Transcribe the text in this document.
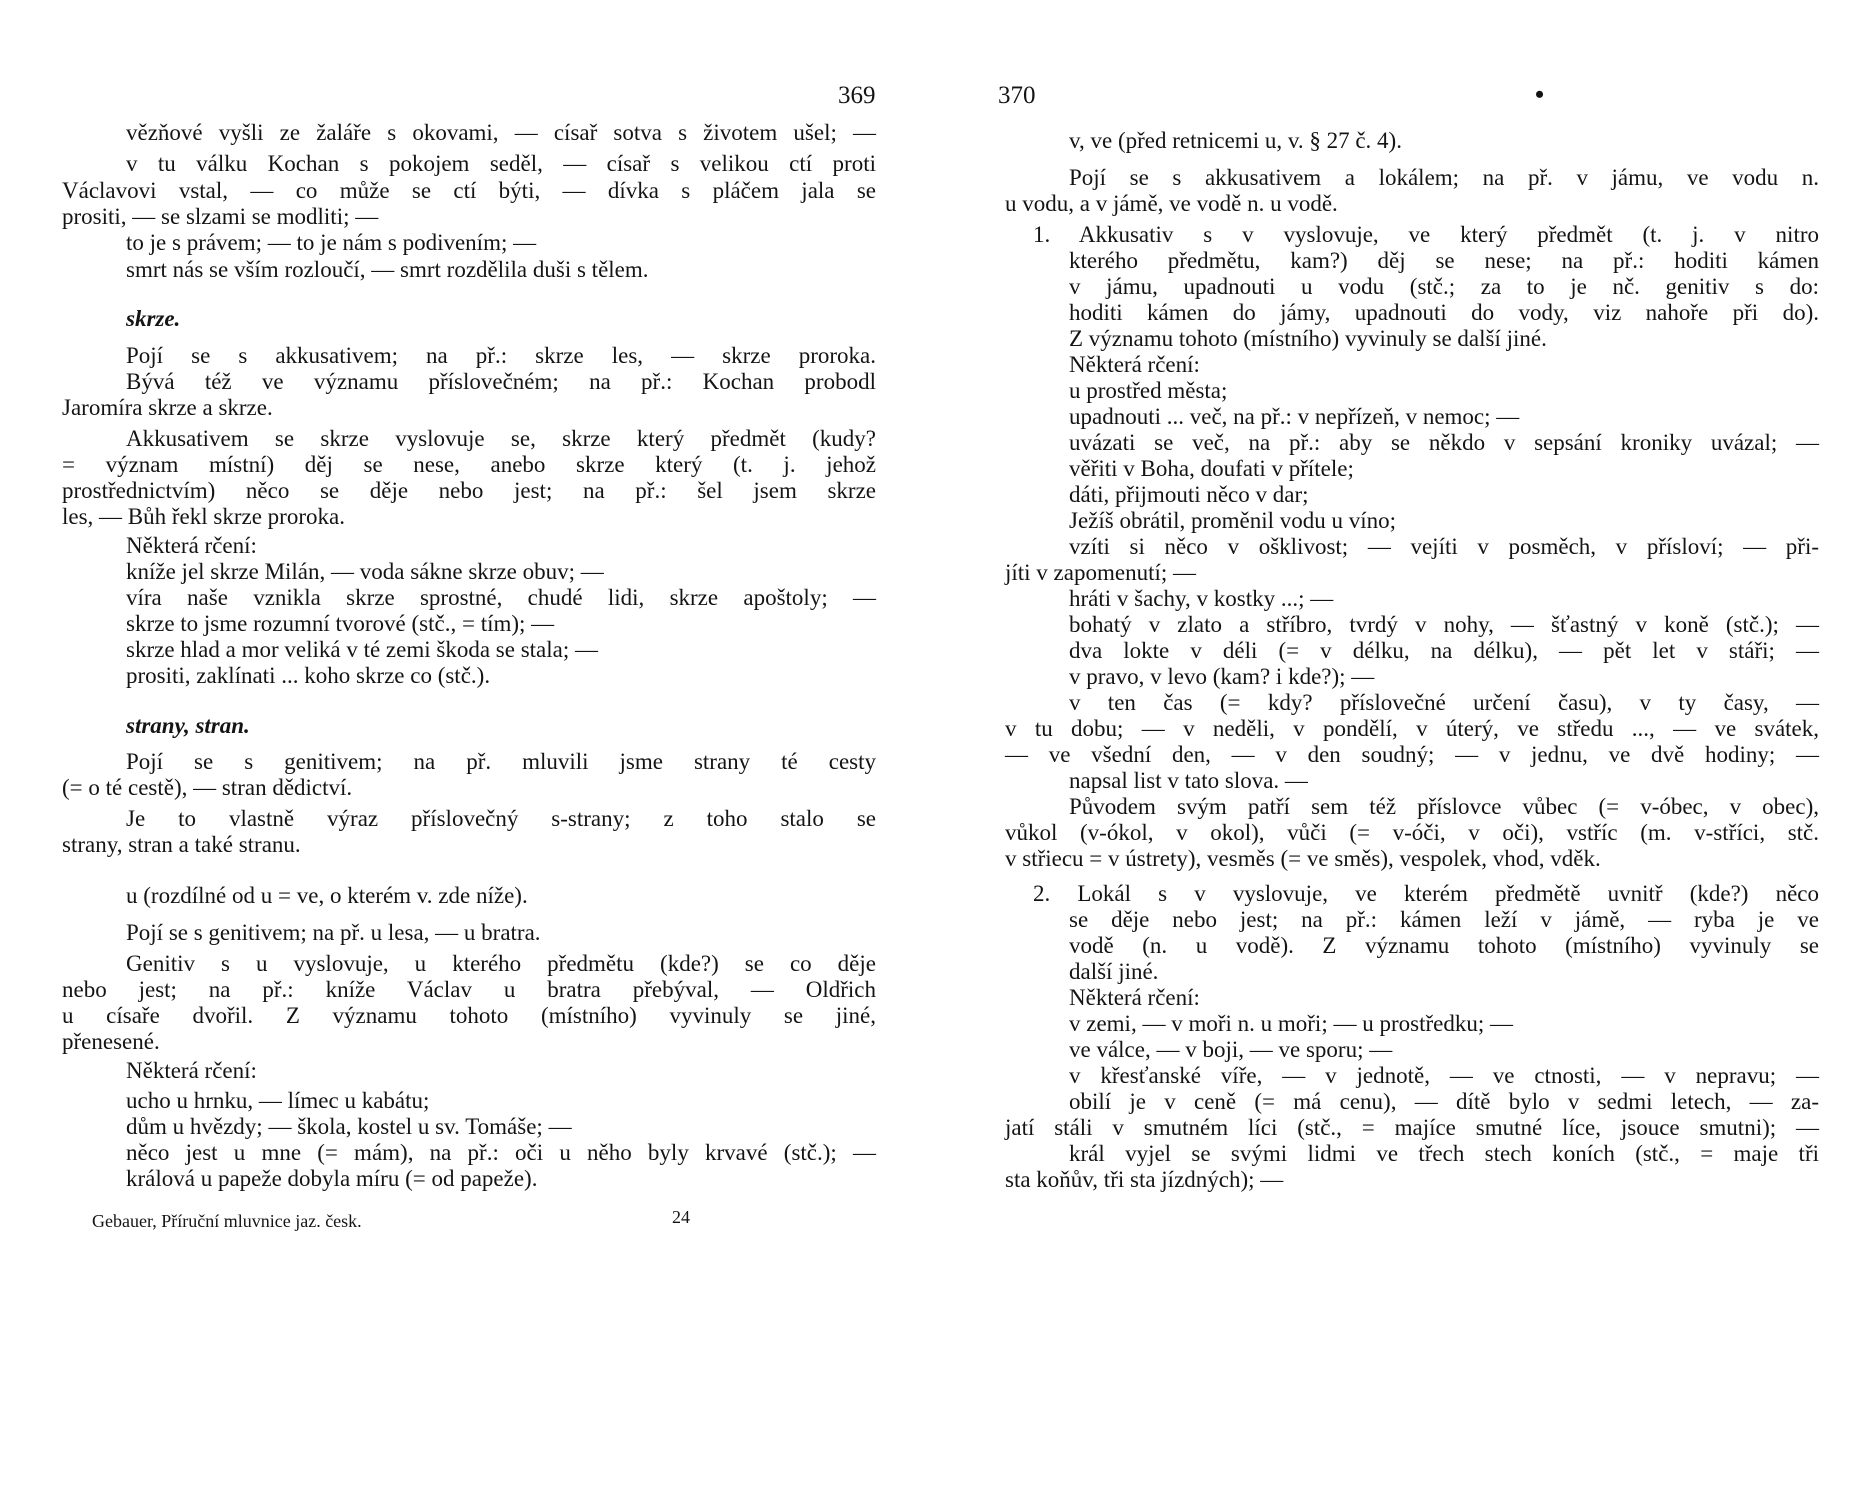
369
vězňové vyšli ze žaláře s okovami, — císař sotva s životem ušel; —
v tu válku Kochan s pokojem seděl, — císař s velikou ctí proti
Václavovi vstal, — co může se ctí býti, — dívka s pláčem jala se
prositi, — se slzami se modliti; —
to je s právem; — to je nám s podivením; —
smrt nás se vším rozloučí, — smrt rozdělila duši s tělem.
skrze.
Pojí se s akkusativem; na př.: skrze les, — skrze proroka.
Bývá též ve významu příslovečném; na př.: Kochan probodl
Jaromíra skrze a skrze.
Akkusativem se skrze vyslovuje se, skrze který předmět (kudy?
= význam místní) děj se nese, anebo skrze který (t. j. jehož
prostřednictvím) něco se děje nebo jest; na př.: šel jsem skrze
les, — Bůh řekl skrze proroka.
Některá rčení:
kníže jel skrze Milán, — voda sákne skrze obuv; —
víra naše vznikla skrze sprostné, chudé lidi, skrze apoštoly; —
skrze to jsme rozumní tvorové (stč., = tím); —
skrze hlad a mor veliká v té zemi škoda se stala; —
prositi, zaklínati ... koho skrze co (stč.).
strany, stran.
Pojí se s genitivem; na př. mluvili jsme strany té cesty
(= o té cestě), — stran dědictví.
Je to vlastně výraz příslovečný s-strany; z toho stalo se
strany, stran a také stranu.
u (rozdílné od u = ve, o kterém v. zde níže).
Pojí se s genitivem; na př. u lesa, — u bratra.
Genitiv s u vyslovuje, u kterého předmětu (kde?) se co děje
nebo jest; na př.: kníže Václav u bratra přebýval, — Oldřich
u císaře dvořil. Z významu tohoto (místního) vyvinuly se jiné,
přenesené.
Některá rčení:
ucho u hrnku, — límec u kabátu;
dům u hvězdy; — škola, kostel u sv. Tomáše; —
něco jest u mne (= mám), na př.: oči u něho byly krvavé (stč.); —
králová u papeže dobyla míru (= od papeže).
Gebauer, Příruční mluvnice jaz. česk.	24
370	•
v, ve (před retnicemi u, v. § 27 č. 4).
Pojí se s akkusativem a lokálem; na př. v jámu, ve vodu n.
u vodu, a v jámě, ve vodě n. u vodě.
1. Akkusativ s v vyslovuje, ve který předmět (t. j. v nitro
kterého předmětu, kam?) děj se nese; na př.: hoditi kámen
v jámu, upadnouti u vodu (stč.; za to je nč. genitiv s do:
hoditi kámen do jámy, upadnouti do vody, viz nahoře při do).
Z významu tohoto (místního) vyvinuly se další jiné.
Některá rčení:
u prostřed města;
upadnouti ... več, na př.: v nepřízeň, v nemoc; —
uvázati se več, na př.: aby se někdo v sepsání kroniky uvázal; —
věřiti v Boha, doufati v přítele;
dáti, přijmouti něco v dar;
Ježíš obrátil, proměnil vodu u víno;
vzíti si něco v ošklivost; — vejíti v posměch, v přísloví; — při-
jíti v zapomenutí; —
hráti v šachy, v kostky ...; —
bohatý v zlato a stříbro, tvrdý v nohy, — šťastný v koně (stč.); —
dva lokte v déli (= v délku, na délku), — pět let v stáři; —
v pravo, v levo (kam? i kde?); —
v ten čas (= kdy? příslovečné určení času), v ty časy, —
v tu dobu; — v neděli, v pondělí, v úterý, ve středu ..., — ve svátek,
— ve všední den, — v den soudný; — v jednu, ve dvě hodiny; —
napsal list v tato slova. —
Původem svým patří sem též příslovce vůbec (= v-óbec, v obec),
vůkol (v-ókol, v okol), vůči (= v-óči, v oči), vstříc (m. v-stříci, stč.
v střiecu = v ústrety), vesměs (= ve směs), vespolek, vhod, vděk.
2. Lokál s v vyslovuje, ve kterém předmětě uvnitř (kde?) něco
se děje nebo jest; na př.: kámen leží v jámě, — ryba je ve
vodě (n. u vodě). Z významu tohoto (místního) vyvinuly se
další jiné.
Některá rčení:
v zemi, — v moři n. u moři; — u prostředku; —
ve válce, — v boji, — ve sporu; —
v křesťanské víře, — v jednotě, — ve ctnosti, — v nepravu; —
obilí je v ceně (= má cenu), — dítě bylo v sedmi letech, — za-
jatí stáli v smutném líci (stč., = majíce smutné líce, jsouce smutni); —
král vyjel se svými lidmi ve třech stech koních (stč., = maje tři
sta koňův, tři sta jízdných); —
